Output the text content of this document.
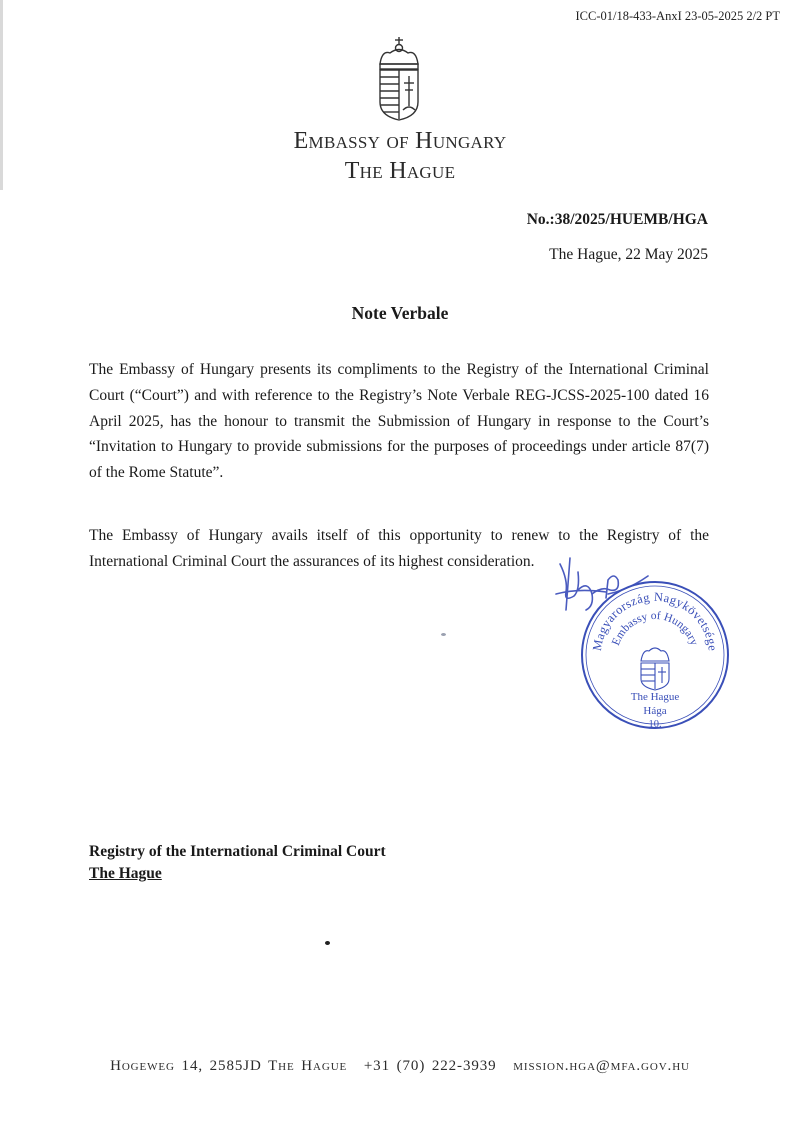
ICC-01/18-433-AnxI 23-05-2025 2/2 PT
Embassy of Hungary
The Hague
No.:38/2025/HUEMB/HGA
The Hague, 22 May 2025
Note Verbale

The Embassy of Hungary presents its compliments to the Registry of the International Criminal Court (“Court”) and with reference to the Registry’s Note Verbale REG-JCSS-2025-100 dated 16 April 2025, has the honour to transmit the Submission of Hungary in response to the Court’s “Invitation to Hungary to provide submissions for the purposes of proceedings under article 87(7) of the Rome Statute”.

The Embassy of Hungary avails itself of this opportunity to renew to the Registry of the International Criminal Court the assurances of its highest consideration.

Magyarország Nagykövetsége
Embassy of Hungary
The Hague
Hága
10.
Registry of the International Criminal Court
The Hague
Hogeweg 14, 2585JD The Hague +31 (70) 222-3939 mission.hga@mfa.gov.hu
